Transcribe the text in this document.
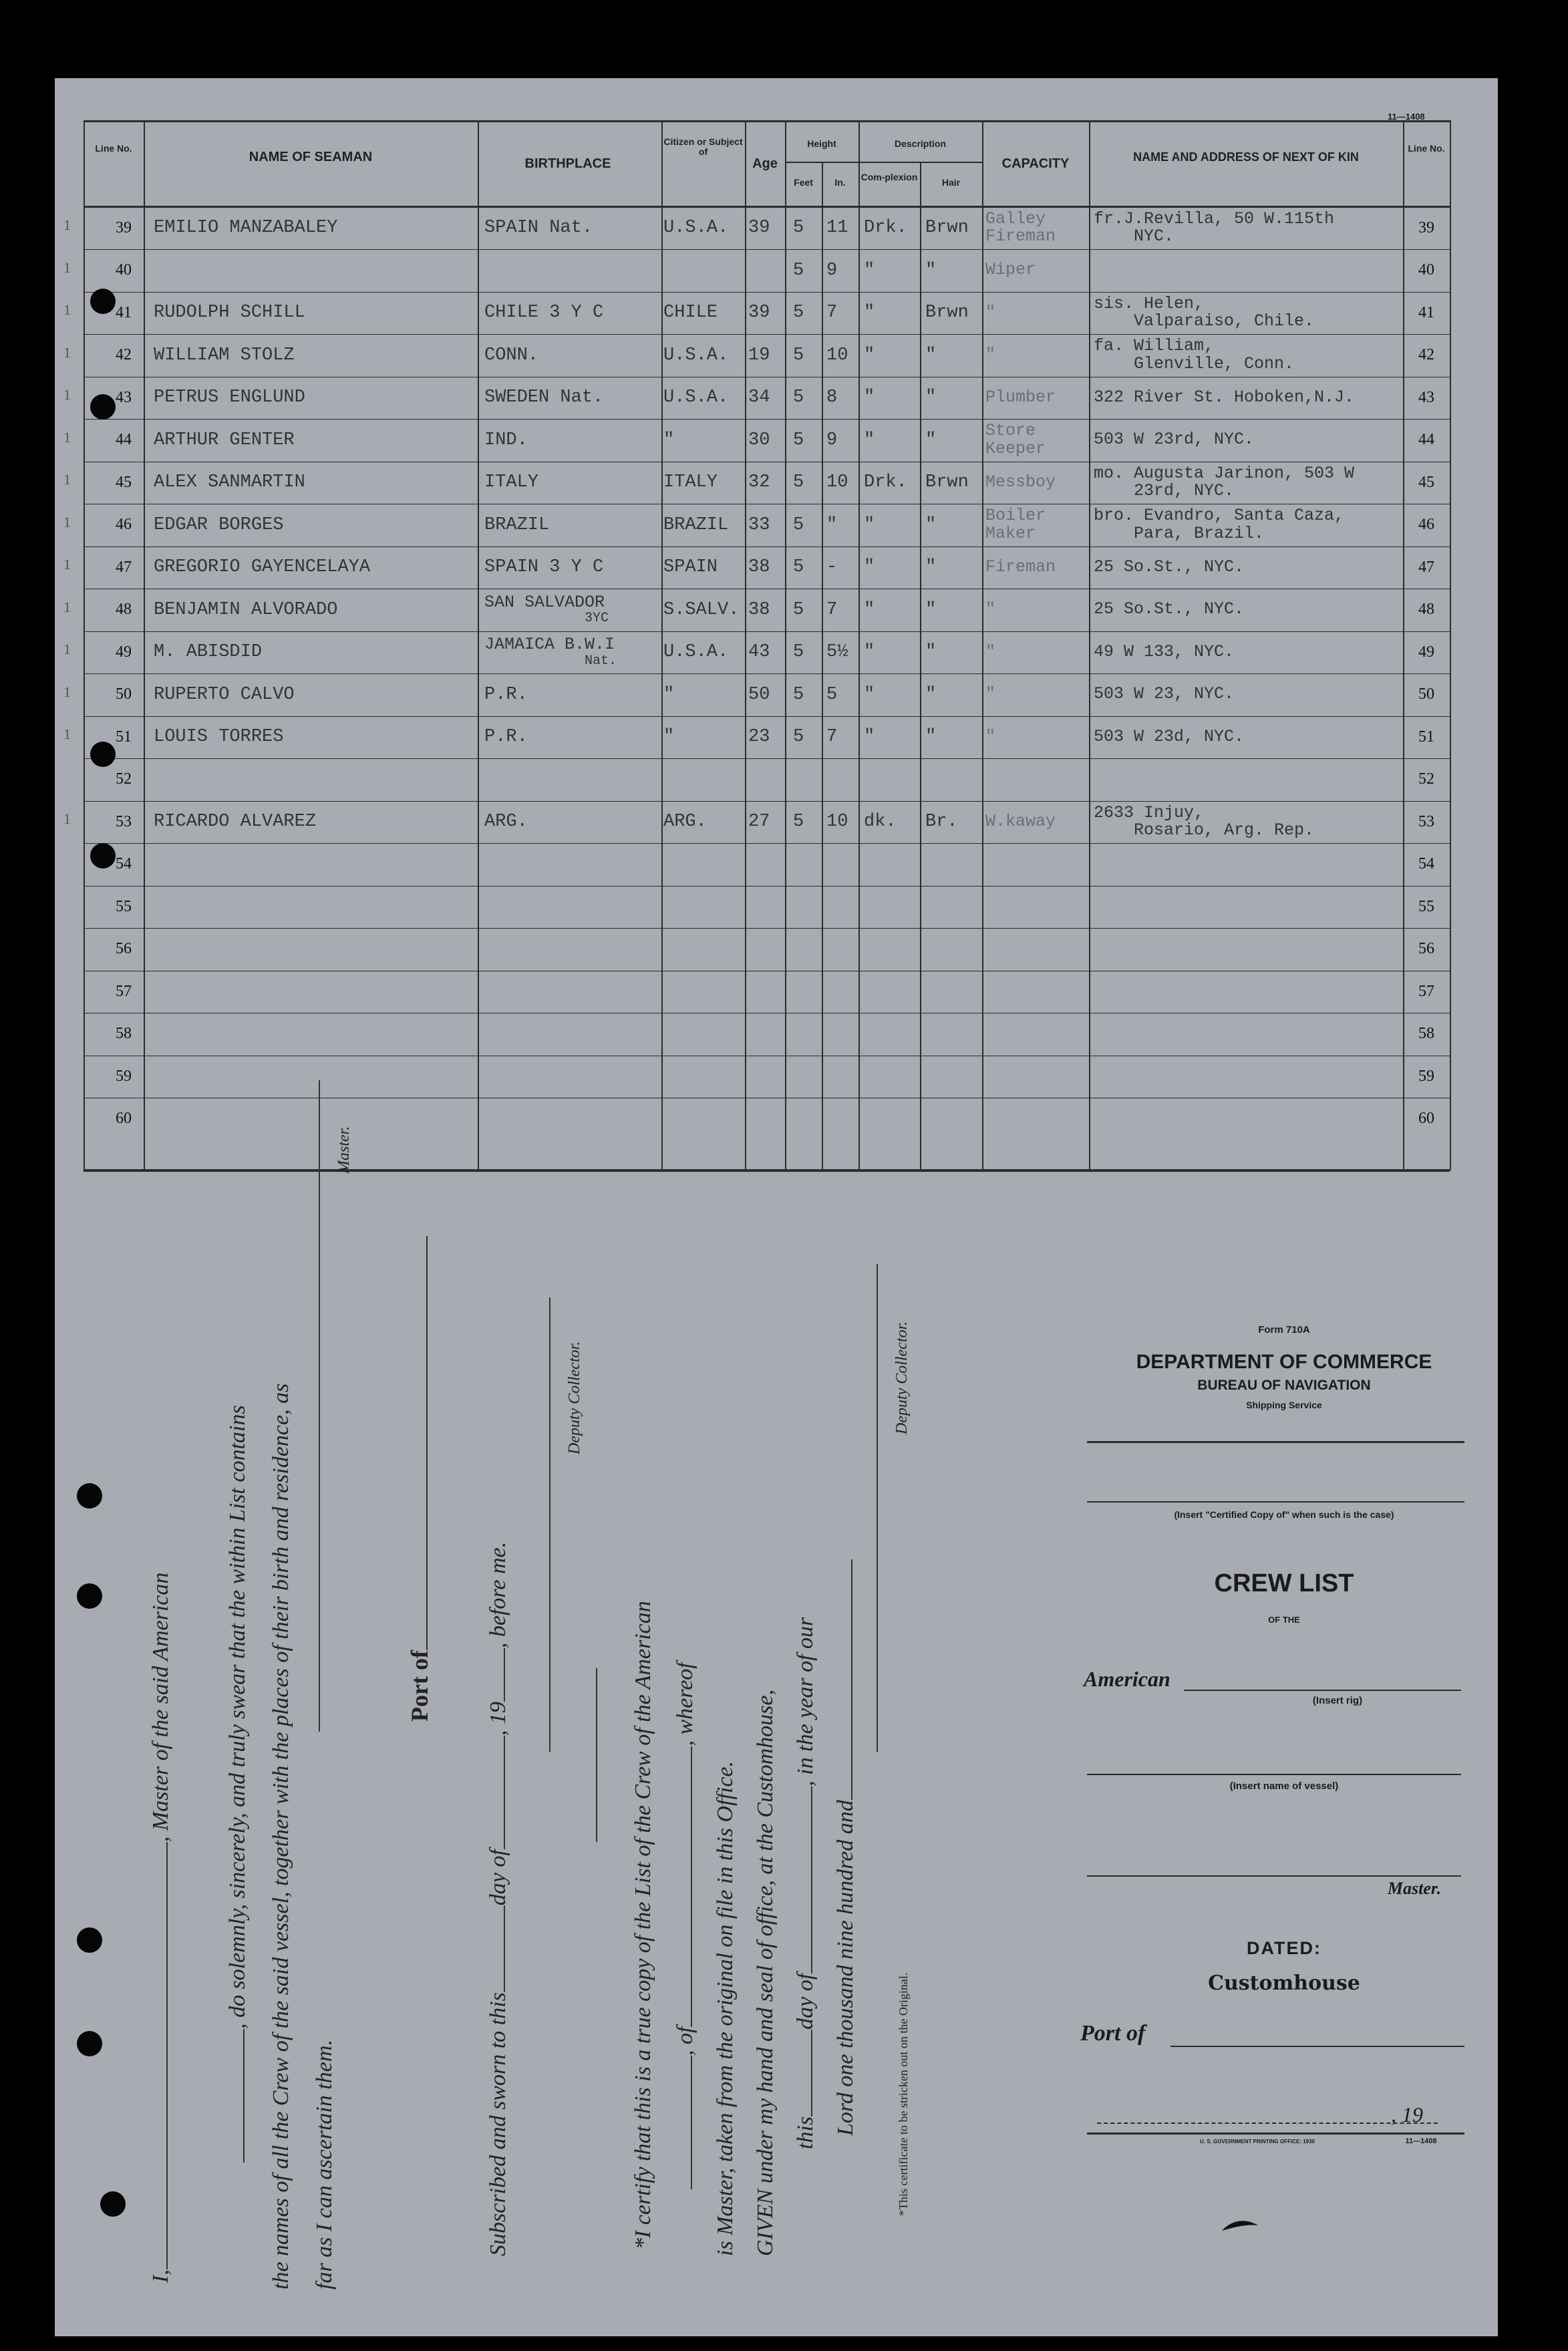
11—1408
Line No.
NAME OF SEAMAN	BIRTHPLACE
Citizen or Subject of
Age
Height
Feet	In.
Description
Com-plexion	Hair
CAPACITY	NAME AND ADDRESS OF NEXT OF KIN
Line No.
1	39	EMILIO MANZABALEY	SPAIN Nat.	U.S.A.	39	5	11 Drk.	Brwn	Galley
Fireman
fr.J.Revilla, 50 W.115th
NYC.	39
1	40	5	9	"	"	Wiper	40
1	41	RUDOLPH SCHILL	CHILE 3 Y C	CHILE	39	5	7	"	Brwn	"	sis. Helen,
Valparaiso, Chile.	41
1	42	WILLIAM STOLZ	CONN.	U.S.A.	19	5	10 "	"	"	fa. William,
Glenville, Conn.	42
1	43	PETRUS ENGLUND	SWEDEN Nat.	U.S.A.	34	5	8	"	"	Plumber 322 River St. Hoboken,N.J.	43
1	44	ARTHUR GENTER	IND.	"	30	5	9	"	"	Store
Keeper	503 W 23rd, NYC.	44
1	45	ALEX SANMARTIN	ITALY	ITALY	32	5	10 Drk.	Brwn	Messboy mo. Augusta Jarinon, 503 W
23rd, NYC.	45
1	46	EDGAR BORGES	BRAZIL	BRAZIL	33	5	"	"	"	Boiler
Maker
bro. Evandro, Santa Caza,
Para, Brazil.	46
1	47	GREGORIO GAYENCELAYA	SPAIN 3 Y C	SPAIN	38	5	-	"	"	Fireman 25 So.St., NYC.	47
1	48	BENJAMIN ALVORADO	SAN SALVADOR
3YC	S.SALV. 38	5	7	"	"	"	25 So.St., NYC.	48
1	49	M. ABISDID	JAMAICA B.W.I
Nat.	U.S.A.	43	5	5½ "	"	"	49 W 133, NYC.	49
1	50	RUPERTO CALVO	P.R.	"	50	5	5	"	"	"	503 W 23, NYC.	50
1	51	LOUIS TORRES	P.R.	"	23	5	7	"	"	"	503 W 23d, NYC.	51
52	52
1	53	RICARDO ALVAREZ	ARG.	ARG.	27	5	10 dk.	Br.	W.kaway 2633 Injuy,
Rosario, Arg. Rep.	53
54	54
55	55
56	56
57	57
58	58
59	59
60	60
I,, Master of the said American , do solemnly, sincerely, and truly swear that the within List contains the names of all the Crew of the said vessel, together with the places of their birth and residence, as far as I can ascertain them.
Master.
Port of
Subscribed and sworn to thisday of, 19, before me.
Deputy Collector.
*I certify that this is a true copy of the List of the Crew of the American , of, whereof
is Master, taken from the original on file in this Office. GIVEN under my hand and seal of office, at the Customhouse, thisday of, in the year of our
Lord one thousand nine hundred and
Deputy Collector.
*This certificate to be stricken out on the Original.
Form 710A
DEPARTMENT OF COMMERCE
BUREAU OF NAVIGATION
Shipping Service
(Insert "Certified Copy of" when such is the case)
CREW LIST
OF THE
American
(Insert rig)
(Insert name of vessel)
Master.
DATED:
Customhouse
Port of
, 19
U. S. GOVERNMENT PRINTING OFFICE: 1930	11—1408
